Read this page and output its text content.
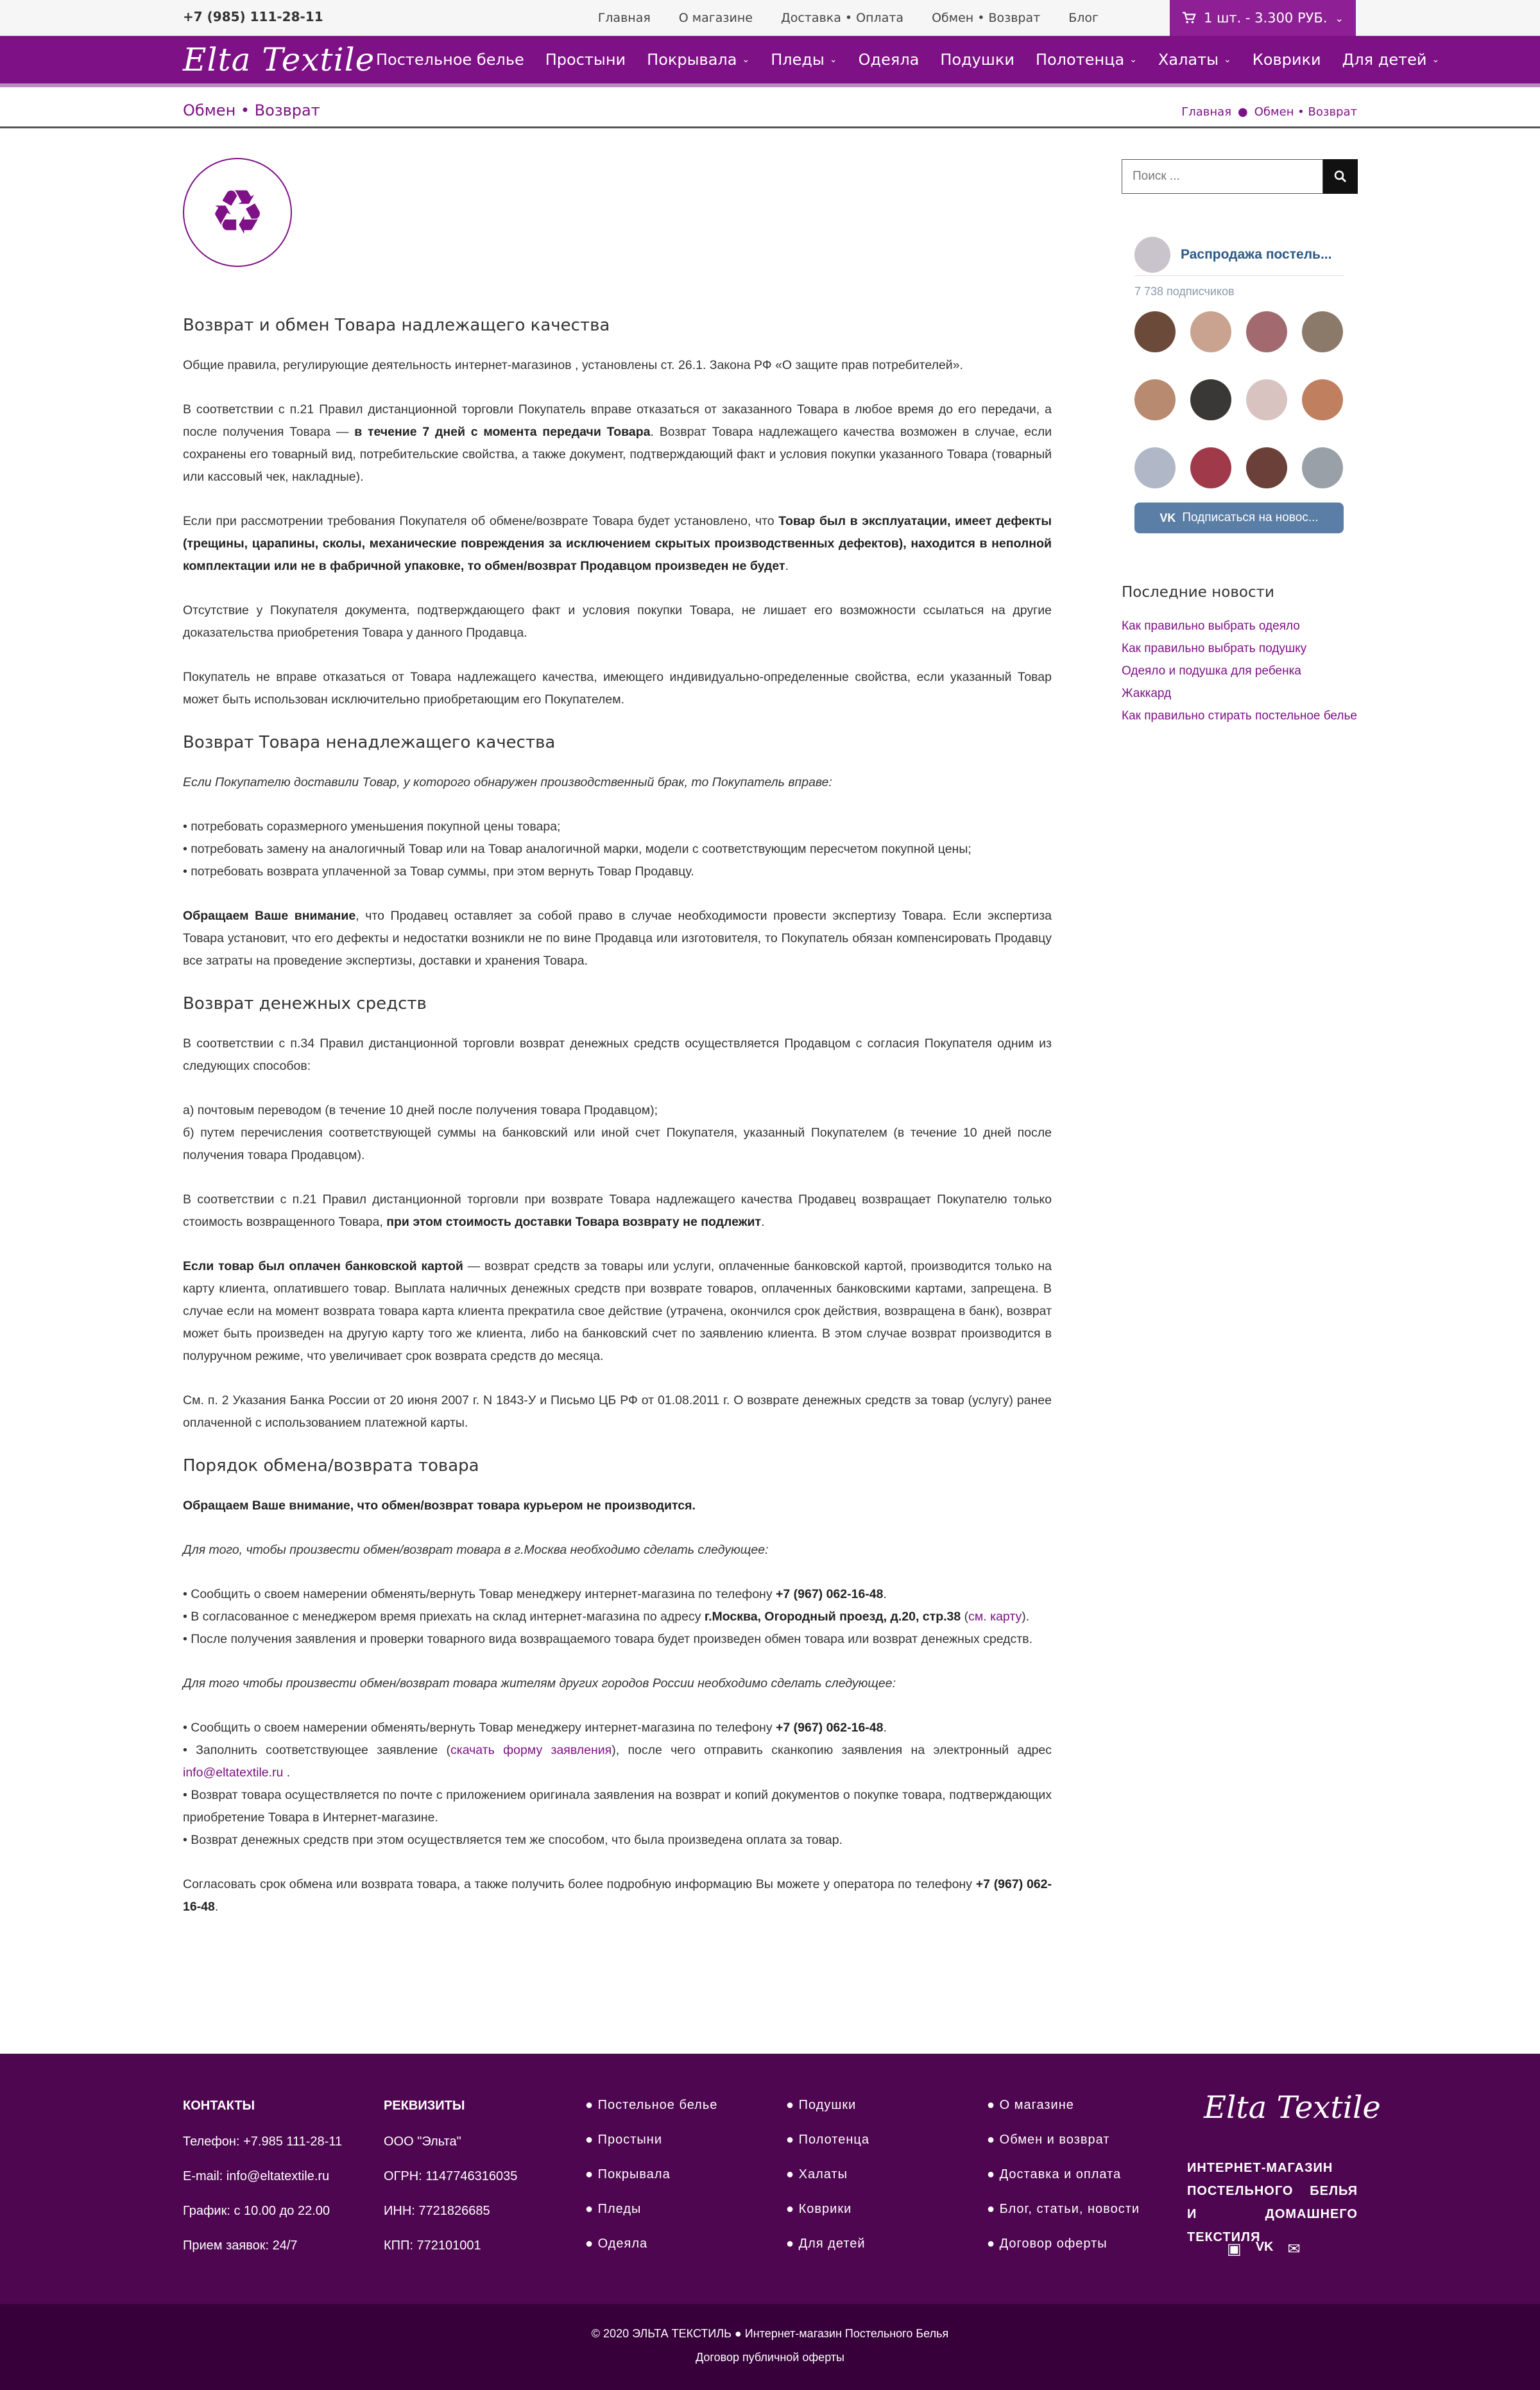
+7 (985) 111-28-11	Главная О магазине Доставка • Оплата Обмен • Возврат Блог	1 шт. - 3.300 РУБ. ⌄
Elta Textile Постельное белье Простыни Покрывала ⌄ Пледы ⌄ Одеяла Подушки Полотенца ⌄ Халаты ⌄ Коврики Для детей ⌄
Обмен • Возврат	Главная ● Обмен • Возврат
♻
Возврат и обмен Товара надлежащего качества

Общие правила, регулирующие деятельность интернет-магазинов , установлены ст. 26.1. Закона РФ «О защите прав потребителей».

В соответствии с п.21 Правил дистанционной торговли Покупатель вправе отказаться от заказанного Товара в любое время до его передачи, а после получения Товара — в течение 7 дней с момента передачи Товара. Возврат Товара надлежащего качества возможен в случае, если сохранены его товарный вид, потребительские свойства, а также документ, подтверждающий факт и условия покупки указанного Товара (товарный или кассовый чек, накладные).

Если при рассмотрении требования Покупателя об обмене/возврате Товара будет установлено, что Товар был в эксплуатации, имеет дефекты (трещины, царапины, сколы, механические повреждения за исключением скрытых производственных дефектов), находится в неполной комплектации или не в фабричной упаковке, то обмен/возврат Продавцом произведен не будет.

Отсутствие у Покупателя документа, подтверждающего факт и условия покупки Товара, не лишает его возможности ссылаться на другие доказательства приобретения Товара у данного Продавца.

Покупатель не вправе отказаться от Товара надлежащего качества, имеющего индивидуально-определенные свойства, если указанный Товар может быть использован исключительно приобретающим его Покупателем.

Возврат Товара ненадлежащего качества

Если Покупателю доставили Товар, у которого обнаружен производственный брак, то Покупатель вправе:

• потребовать соразмерного уменьшения покупной цены товара;

• потребовать замену на аналогичный Товар или на Товар аналогичной марки, модели с соответствующим пересчетом покупной цены;

• потребовать возврата уплаченной за Товар суммы, при этом вернуть Товар Продавцу.

Обращаем Ваше внимание, что Продавец оставляет за собой право в случае необходимости провести экспертизу Товара. Если экспертиза Товара установит, что его дефекты и недостатки возникли не по вине Продавца или изготовителя, то Покупатель обязан компенсировать Продавцу все затраты на проведение экспертизы, доставки и хранения Товара.

Возврат денежных средств

В соответствии с п.34 Правил дистанционной торговли возврат денежных средств осуществляется Продавцом с согласия Покупателя одним из следующих способов:

а) почтовым переводом (в течение 10 дней после получения товара Продавцом);

б) путем перечисления соответствующей суммы на банковский или иной счет Покупателя, указанный Покупателем (в течение 10 дней после получения товара Продавцом).

В соответствии с п.21 Правил дистанционной торговли при возврате Товара надлежащего качества Продавец возвращает Покупателю только стоимость возвращенного Товара, при этом стоимость доставки Товара возврату не подлежит.

Если товар был оплачен банковской картой — возврат средств за товары или услуги, оплаченные банковской картой, производится только на карту клиента, оплатившего товар. Выплата наличных денежных средств при возврате товаров, оплаченных банковскими картами, запрещена. В случае если на момент возврата товара карта клиента прекратила свое действие (утрачена, окончился срок действия, возвращена в банк), возврат может быть произведен на другую карту того же клиента, либо на банковский счет по заявлению клиента. В этом случае возврат производится в полуручном режиме, что увеличивает срок возврата средств до месяца.

См. п. 2 Указания Банка России от 20 июня 2007 г. N 1843-У и Письмо ЦБ РФ от 01.08.2011 г. О возврате денежных средств за товар (услугу) ранее оплаченной с использованием платежной карты.

Порядок обмена/возврата товара

Обращаем Ваше внимание, что обмен/возврат товара курьером не производится.

Для того, чтобы произвести обмен/возврат товара в г.Москва необходимо сделать следующее:

• Сообщить о своем намерении обменять/вернуть Товар менеджеру интернет-магазина по телефону +7 (967) 062-16-48.

• В согласованное с менеджером время приехать на склад интернет-магазина по адресу г.Москва, Огородный проезд, д.20, стр.38 (см. карту).

• После получения заявления и проверки товарного вида возвращаемого товара будет произведен обмен товара или возврат денежных средств.

Для того чтобы произвести обмен/возврат товара жителям других городов России необходимо сделать следующее:

• Сообщить о своем намерении обменять/вернуть Товар менеджеру интернет-магазина по телефону +7 (967) 062-16-48.

• Заполнить соответствующее заявление (скачать форму заявления), после чего отправить сканкопию заявления на электронный адрес info@eltatextile.ru .

• Возврат товара осуществляется по почте с приложением оригинала заявления на возврат и копий документов о покупке товара, подтверждающих приобретение Товара в Интернет-магазине.

• Возврат денежных средств при этом осуществляется тем же способом, что была произведена оплата за товар.

Согласовать срок обмена или возврата товара, а также получить более подробную информацию Вы можете у оператора по телефону +7 (967) 062-16-48.

Поиск ...
Распродажа постель...
7 738 подписчиков
VK Подписаться на новос...
Последние новости
Как правильно выбрать одеяло
Как правильно выбрать подушку
Одеяло и подушка для ребенка
Жаккард
Как правильно стирать постельное белье
КОНТАКТЫ
Телефон: +7.985 111-28-11
E-mail: info@eltatextile.ru
График: с 10.00 до 22.00
Прием заявок: 24/7
РЕКВИЗИТЫ
ООО "Эльта"
ОГРН: 1147746316035
ИНН: 7721826685
КПП: 772101001
● Постельное белье
● Простыни
● Покрывала
● Пледы
● Одеяла
● Подушки
● Полотенца
● Халаты
● Коврики
● Для детей
● О магазине
● Обмен и возврат
● Доставка и оплата
● Блог, статьи, новости
● Договор оферты
Elta Textile
ИНТЕРНЕТ-МАГАЗИН ПОСТЕЛЬНОГО БЕЛЬЯ И ДОМАШНЕГО ТЕКСТИЛЯ
▣ VK ✉
© 2020 ЭЛЬТА ТЕКСТИЛЬ ● Интернет-магазин Постельного Белья
Договор публичной оферты
